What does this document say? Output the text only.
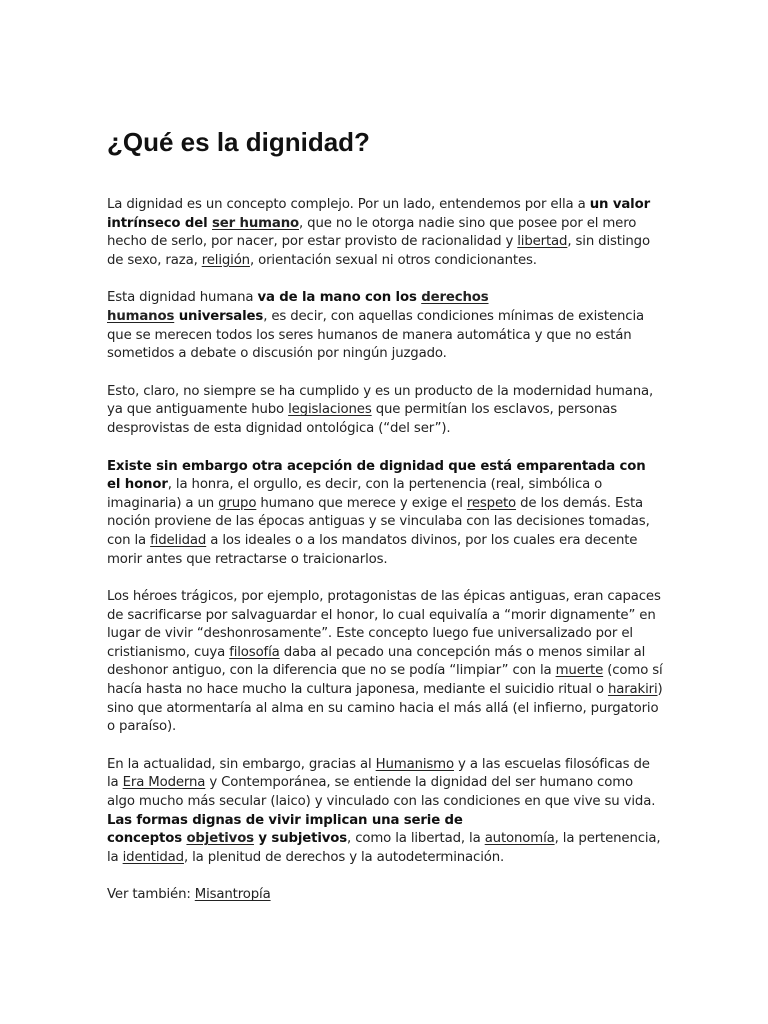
¿Qué es la dignidad?

La dignidad es un concepto complejo. Por un lado, entendemos por ella a un valor intrínseco del ser humano, que no le otorga nadie sino que posee por el mero hecho de serlo, por nacer, por estar provisto de racionalidad y libertad, sin distingo de sexo, raza, religión, orientación sexual ni otros condicionantes.

Esta dignidad humana va de la mano con los derechos
humanos universales, es decir, con aquellas condiciones mínimas de existencia que se merecen todos los seres humanos de manera automática y que no están sometidos a debate o discusión por ningún juzgado.

Esto, claro, no siempre se ha cumplido y es un producto de la modernidad humana, ya que antiguamente hubo legislaciones que permitían los esclavos, personas desprovistas de esta dignidad ontológica (“del ser”).

Existe sin embargo otra acepción de dignidad que está emparentada con el honor, la honra, el orgullo, es decir, con la pertenencia (real, simbólica o imaginaria) a un grupo humano que merece y exige el respeto de los demás. Esta noción proviene de las épocas antiguas y se vinculaba con las decisiones tomadas, con la fidelidad a los ideales o a los mandatos divinos, por los cuales era decente morir antes que retractarse o traicionarlos.

Los héroes trágicos, por ejemplo, protagonistas de las épicas antiguas, eran capaces de sacrificarse por salvaguardar el honor, lo cual equivalía a “morir dignamente” en lugar de vivir “deshonrosamente”. Este concepto luego fue universalizado por el cristianismo, cuya filosofía daba al pecado una concepción más o menos similar al deshonor antiguo, con la diferencia que no se podía “limpiar” con la muerte (como sí hacía hasta no hace mucho la cultura japonesa, mediante el suicidio ritual o harakiri) sino que atormentaría al alma en su camino hacia el más allá (el infierno, purgatorio o paraíso).

En la actualidad, sin embargo, gracias al Humanismo y a las escuelas filosóficas de la Era Moderna y Contemporánea, se entiende la dignidad del ser humano como algo mucho más secular (laico) y vinculado con las condiciones en que vive su vida. Las formas dignas de vivir implican una serie de
conceptos objetivos y subjetivos, como la libertad, la autonomía, la pertenencia, la identidad, la plenitud de derechos y la autodeterminación.

Ver también: Misantropía
